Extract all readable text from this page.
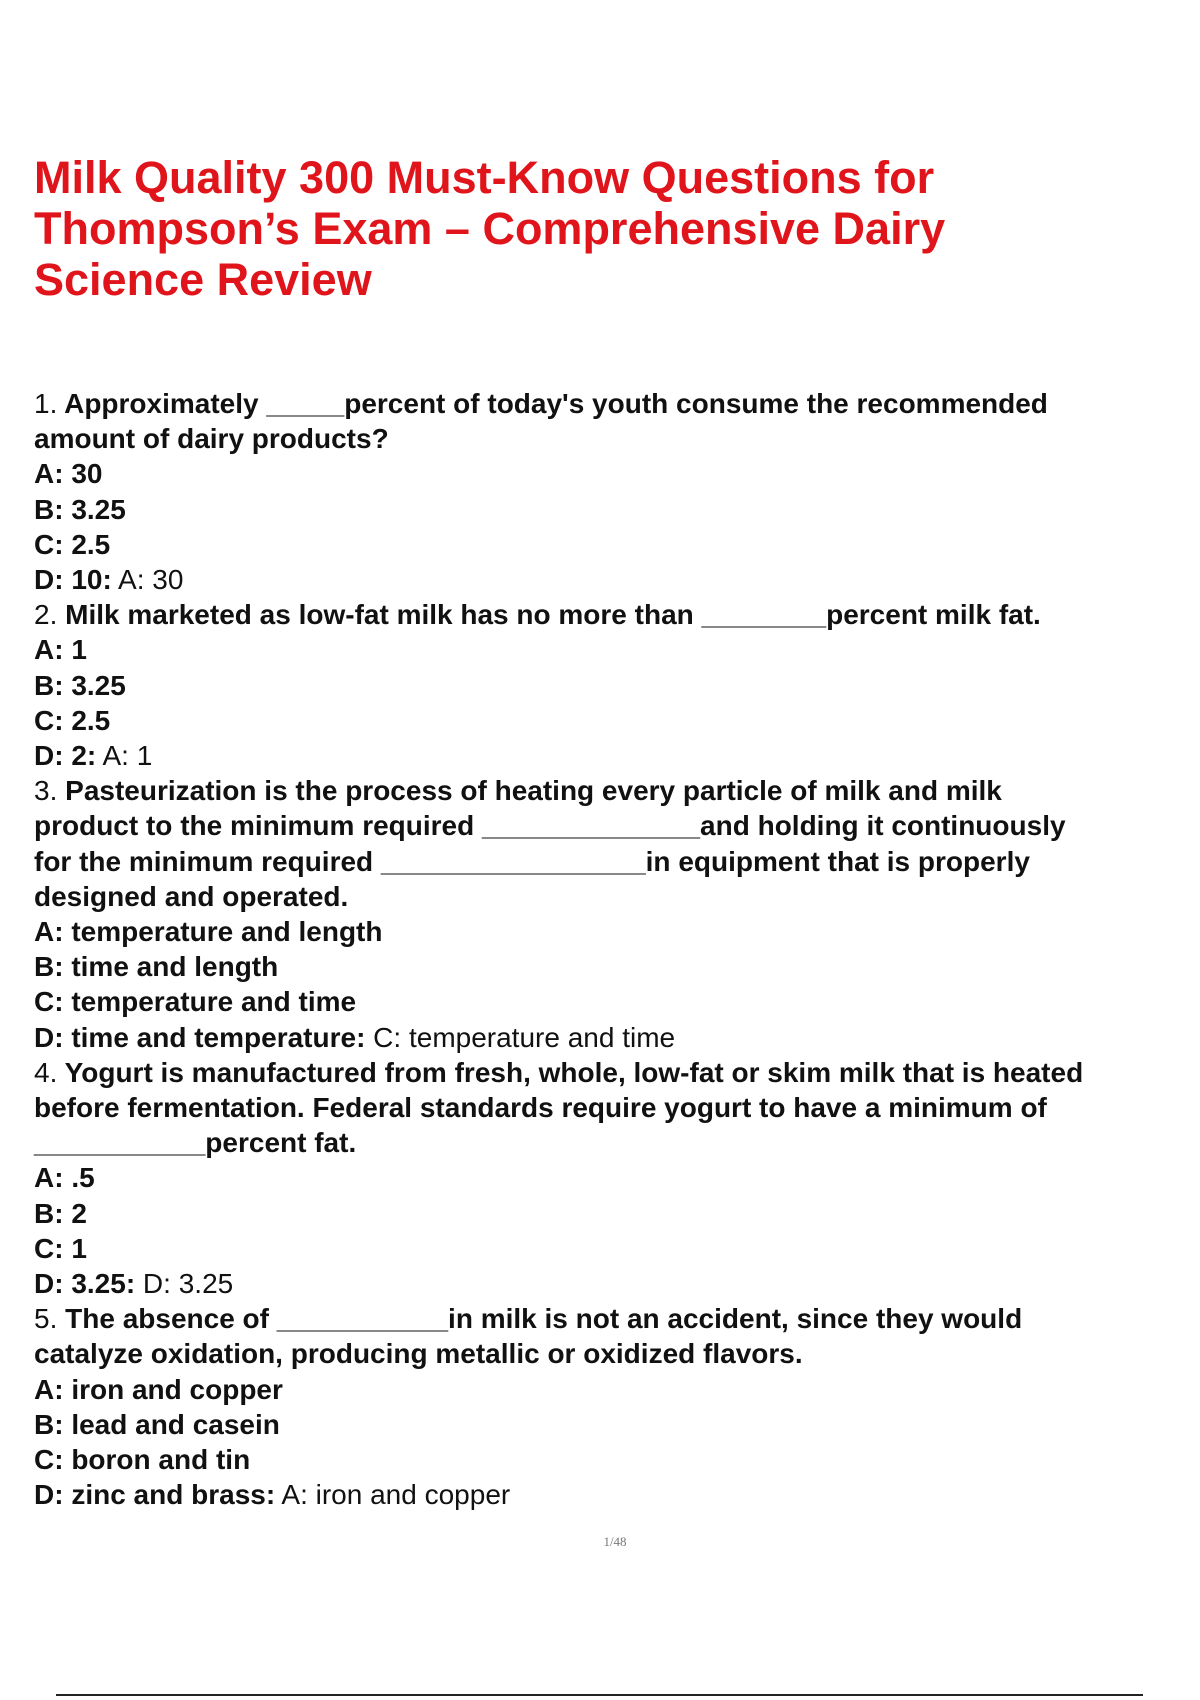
Milk Quality 300 Must-Know Questions for
Thompson’s Exam – Comprehensive Dairy
Science Review
1. Approximately _____percent of today's youth consume the recommended
amount of dairy products?
A: 30
B: 3.25
C: 2.5
D: 10: A: 30
2. Milk marketed as low-fat milk has no more than ________percent milk fat.
A: 1
B: 3.25
C: 2.5
D: 2: A: 1
3. Pasteurization is the process of heating every particle of milk and milk
product to the minimum required ______________and holding it continuously
for the minimum required _________________in equipment that is properly
designed and operated.
A: temperature and length
B: time and length
C: temperature and time
D: time and temperature: C: temperature and time
4. Yogurt is manufactured from fresh, whole, low-fat or skim milk that is heated
before fermentation. Federal standards require yogurt to have a minimum of
___________percent fat.
A: .5
B: 2
C: 1
D: 3.25: D: 3.25
5. The absence of ___________in milk is not an accident, since they would
catalyze oxidation, producing metallic or oxidized flavors.
A: iron and copper
B: lead and casein
C: boron and tin
D: zinc and brass: A: iron and copper
1/48
